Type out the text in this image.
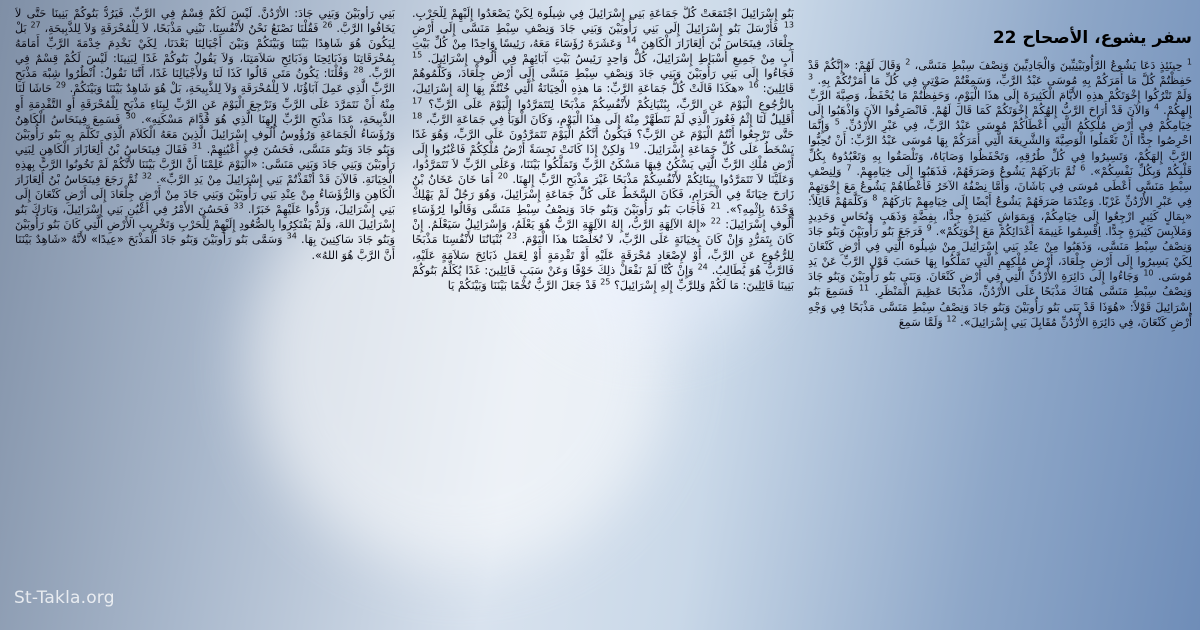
سفر يشوع، الأصحاح 22
$^1$ حِينَئِذٍ دَعَا يَشُوعُ الرَّأُوبَيْنِيِّينَ وَالْجَادِيِّينَ وَنِصْفَ سِبْطِ مَنَسَّى، $^2$ وَقَالَ لَهُمْ: «إِنَّكُمْ قَدْ حَفِظْتُمْ كُلَّ مَا أَمَرَكُمْ بِهِ مُوسَى عَبْدُ الرَّبِّ، وَسَمِعْتُمْ صَوْتِي فِي كُلِّ مَا أَمَرْتُكُمْ بِهِ. $^3$ وَلَمْ تَتْرُكُوا إِخْوَتَكُمْ هذِهِ الأَيَّامَ الْكَثِيرَةَ إِلَى هذَا الْيَوْمِ، وَحَفِظْتُمْ مَا يُحْفَظُ، وَصِيَّةَ الرَّبِّ إِلهِكُمْ. $^4$ وَالآنَ قَدْ أَرَاحَ الرَّبُّ إِلهُكُمْ إِخْوَتَكُمْ كَمَا قَالَ لَهُمْ. فَانْصَرِفُوا الآنَ وَاذْهَبُوا إِلَى خِيَامِكُمْ فِي أَرْضِ مُلْكِكُمُ الَّتِي أَعْطَاكُمْ مُوسَى عَبْدُ الرَّبِّ، فِي عَبْرِ الأُرْدُنِّ. $^5$ وَإِنَّمَا احْرِصُوا جِدًّا أَنْ تَعْمَلُوا الْوَصِيَّةَ وَالشَّرِيعَةَ الَّتِي أَمَرَكُمْ بِهَا مُوسَى عَبْدُ الرَّبِّ: أَنْ تُحِبُّوا الرَّبَّ إِلهَكُمْ، وَتَسِيرُوا فِي كُلِّ طُرُقِهِ، وَتَحْفَظُوا وَصَايَاهُ، وَتَلْصَقُوا بِهِ وَتَعْبُدُوهُ بِكُلِّ قَلْبِكُمْ وَبِكُلِّ نَفْسِكُمْ». $^6$ ثُمَّ بَارَكَهُمْ يَشُوعُ وَصَرَفَهُمْ، فَذَهَبُوا إِلَى خِيَامِهِمْ. $^7$ وَلِنِصْفِ سِبْطِ مَنَسَّى أَعْطَى مُوسَى فِي بَاشَانَ، وَأَمَّا نِصْفُهُ الآخَرُ فَأَعْطَاهُمْ يَشُوعُ مَعَ إِخْوَتِهِمْ فِي عَبْرِ الأُرْدُنِّ غَرْبًا. وَعِنْدَمَا صَرَفَهُمْ يَشُوعُ أَيْضًا إِلَى خِيَامِهِمْ بَارَكَهُمْ $^8$ وَكَلَّمَهُمْ قَائِلاً: «بِمَالٍ كَثِيرٍ ارْجِعُوا إِلَى خِيَامِكُمْ، وَبِمَوَاشٍ كَثِيرَةٍ جِدًّا، بِفِضَّةٍ وَذَهَبٍ وَنُحَاسٍ وَحَدِيدٍ وَمَلاَبِسَ كَثِيرَةٍ جِدًّا. اِقْسِمُوا غَنِيمَةَ أَعْدَائِكُمْ مَعَ إِخْوَتِكُمْ». $^9$ فَرَجَعَ بَنُو رَأُوبَيْنَ وَبَنُو جَادَ وَنِصْفُ سِبْطِ مَنَسَّى، وَذَهَبُوا مِنْ عِنْدِ بَنِي إِسْرَائِيلَ مِنْ شِيلُوهَ الَّتِي فِي أَرْضِ كَنْعَانَ لِكَيْ يَسِيرُوا إِلَى أَرْضِ جِلْعَادَ، أَرْضِ مُلْكِهِمِ الَّتِي تَمَلَّكُوا بِهَا حَسَبَ قَوْلِ الرَّبِّ عَنْ يَدِ مُوسَى. $^{10}$ وَجَاءُوا إِلَى دَائِرَةِ الأُرْدُنِّ الَّتِي فِي أَرْضِ كَنْعَانَ. وَبَنَى بَنُو رَأُوبَيْنَ وَبَنُو جَادَ وَنِصْفُ سِبْطِ مَنَسَّى هُنَاكَ مَذْبَحًا عَلَى الأُرْدُنِّ، مَذْبَحًا عَظِيمَ الْمَنْظَرِ. $^{11}$ فَسَمِعَ بَنُو إِسْرَائِيلَ قَوْلاً: «هُوَذَا قَدْ بَنَى بَنُو رَأُوبَيْنَ وَبَنُو جَادَ وَنِصْفُ سِبْطِ مَنَسَّى مَذْبَحًا فِي وَجْهِ أَرْضِ كَنْعَانَ، فِي دَائِرَةِ الأُرْدُنِّ مُقَابِلَ بَنِي إِسْرَائِيلَ». $^{12}$ وَلَمَّا سَمِعَ
بَنُو إِسْرَائِيلَ اجْتَمَعَتْ كُلُّ جَمَاعَةِ بَنِي إِسْرَائِيلَ فِي شِيلُوهَ لِكَيْ يَصْعَدُوا إِلَيْهِمْ لِلْحَرْبِ. $^{13}$ فَأَرْسَلَ بَنُو إِسْرَائِيلَ إِلَى بَنِي رَأُوبَيْنَ وَبَنِي جَادَ وَنِصْفِ سِبْطِ مَنَسَّى إِلَى أَرْضِ جِلْعَادَ، فِينَحَاسَ بْنَ أَلِعَازَارَ الْكَاهِنَ $^{14}$ وَعَشَرَةَ رُؤَسَاءَ مَعَهُ، رَئِيسًا وَاحِدًا مِنْ كُلِّ بَيْتِ أَبٍ مِنْ جَمِيعِ أَسْبَاطِ إِسْرَائِيلَ، كُلٌّ وَاحِدٍ رَئِيسُ بَيْتِ آبَائِهِمْ فِي أُلُوفِ إِسْرَائِيلَ. $^{15}$ فَجَاءُوا إِلَى بَنِي رَأُوبَيْنَ وَبَنِي جَادَ وَنِصْفِ سِبْطِ مَنَسَّى إِلَى أَرْضِ جِلْعَادَ، وَكَلَّمُوهُمْ قَائِلِينَ: $^{16}$ «هكَذَا قَالَتْ كُلُّ جَمَاعَةِ الرَّبِّ: مَا هذِهِ الْخِيَانَةُ الَّتِي خُنْتُمْ بِهَا إِلهَ إِسْرَائِيلَ، بِالرُّجُوعِ الْيَوْمَ عَنِ الرَّبِّ، بِبُنْيَانِكُمْ لأَنْفُسِكُمْ مَذْبَحًا لِتَتَمَرَّدُوا الْيَوْمَ عَلَى الرَّبِّ؟ $^{17}$ أَقَلِيلٌ لَنَا إِثْمُ فَغُورَ الَّذِي لَمْ نَتَطَهَّرْ مِنْهُ إِلَى هذَا الْيَوْمِ، وَكَانَ الْوَبَأُ فِي جَمَاعَةِ الرَّبِّ، $^{18}$ حَتَّى تَرْجِعُوا أَنْتُمُ الْيَوْمَ عَنِ الرَّبِّ؟ فَيَكُونُ أَنَّكُمُ الْيَوْمَ تَتَمَرَّدُونَ عَلَى الرَّبِّ، وَهُوَ غَدًا يَسْخَطُ عَلَى كُلِّ جَمَاعَةِ إِسْرَائِيلَ. $^{19}$ وَلكِنْ إِذَا كَانَتْ نَجِسَةً أَرْضُ مُلْكِكُمْ فَاعْبُرُوا إِلَى أَرْضِ مُلْكِ الرَّبِّ الَّتِي يَسْكُنُ فِيهَا مَسْكَنُ الرَّبِّ وَتَمَلَّكُوا بَيْنَنَا، وَعَلَى الرَّبِّ لاَ تَتَمَرَّدُوا، وَعَلَيْنَا لاَ تَتَمَرَّدُوا بِبِنَائِكُمْ لأَنْفُسِكُمْ مَذْبَحًا غَيْرَ مَذْبَحِ الرَّبِّ إِلهِنَا. $^{20}$ أَمَا خَانَ عَخَانُ بْنُ زَارَحَ خِيَانَةً فِي الْحَرَامِ، فَكَانَ السَّخَطُ عَلَى كُلِّ جَمَاعَةِ إِسْرَائِيلَ، وَهُوَ رَجُلٌ لَمْ يَهْلِكْ وَحْدَهُ بِإِثْمِهِ؟». $^{21}$ فَأَجَابَ بَنُو رَأُوبَيْنَ وَبَنُو جَادَ وَنِصْفُ سِبْطِ مَنَسَّى وَقَالُوا لِرُؤَسَاءِ أُلُوفِ إِسْرَائِيلَ: $^{22}$ «إِلهُ الآلِهَةِ الرَّبُّ، إِلهُ الآلِهَةِ الرَّبُّ هُوَ يَعْلَمُ، وَإِسْرَائِيلُ سَيَعْلَمُ. إِنْ كَانَ بِتَمَرُّدٍ وَإِنْ كَانَ بِخِيَانَةٍ عَلَى الرَّبِّ، لاَ تُخَلِّصْنَا هذَا الْيَوْمَ. $^{23}$ بُنْيَانُنَا لأَنْفُسِنَا مَذْبَحًا لِلرُّجُوعِ عَنِ الرَّبِّ، أَوْ لإِصْعَادِ مُحْرَقَةٍ عَلَيْهِ أَوْ تَقْدِمَةٍ أَوْ لِعَمَلِ ذَبَائِحَ سَلاَمَةٍ عَلَيْهِ، فَالرَّبُّ هُوَ يُطَالِبُ. $^{24}$ وَإِنْ كُنَّا لَمْ نَفْعَلْ ذلِكَ خَوْفًا وَعَنْ سَبَبٍ قَائِلِينَ: غَدًا يُكَلِّمُ بَنُوكُمْ بَنِينَا قَائِلِينَ: مَا لَكُمْ وَلِلرَّبِّ إِلهِ إِسْرَائِيلَ؟ $^{25}$ قَدْ جَعَلَ الرَّبُّ تُخْمًا بَيْنَنَا وَبَيْنَكُمْ يَا
بَنِي رَأُوبَيْنَ وَبَنِي جَادَ: الأُرْدُنَّ. لَيْسَ لَكُمْ قِسْمٌ فِي الرَّبِّ. فَيَرُدُّ بَنُوكُمْ بَنِينَا حَتَّى لاَ يَخَافُوا الرَّبَّ. $^{26}$ فَقُلْنَا نَصْنَعُ نَحْنُ لأَنْفُسِنَا. نَبْنِي مَذْبَحًا، لاَ لِلْمُحْرَقَةِ وَلاَ لِلذَّبِيحَةِ، $^{27}$ بَلْ لِيَكُونَ هُوَ شَاهِدًا بَيْنَنَا وَبَيْنَكُمْ وَبَيْنَ أَجْيَالِنَا بَعْدَنَا، لِكَيْ نَخْدِمَ خِدْمَةَ الرَّبِّ أَمَامَهُ بِمُحْرَقَاتِنَا وَذَبَائِحِنَا وَذَبَائِحِ سَلاَمَتِنَا، وَلاَ يَقُولُ بَنُوكُمْ غَدًا لِبَنِينَا: لَيْسَ لَكُمْ قِسْمٌ فِي الرَّبِّ. $^{28}$ وَقُلْنَا: يَكُونُ مَتَى قَالُوا كَذَا لَنَا وَلأَجْيَالِنَا غَدًا، أَنَّنَا نَقُولُ: اُنْظُرُوا شِبْهَ مَذْبَحِ الرَّبِّ الَّذِي عَمِلَ آبَاؤُنَا، لاَ لِلْمُحْرَقَةِ وَلاَ لِلذَّبِيحَةِ، بَلْ هُوَ شَاهِدٌ بَيْنَنَا وَبَيْنَكُمْ. $^{29}$ حَاشَا لَنَا مِنْهُ أَنْ نَتَمَرَّدَ عَلَى الرَّبِّ وَنَرْجِعَ الْيَوْمَ عَنِ الرَّبِّ لِبِنَاءِ مَذْبَحٍ لِلْمُحْرَقَةِ أَوِ التَّقْدِمَةِ أَوِ الذَّبِيحَةِ، عَدَا مَذْبَحِ الرَّبِّ إِلهِنَا الَّذِي هُوَ قُدَّامَ مَسْكَنِهِ». $^{30}$ فَسَمِعَ فِينَحَاسُ الْكَاهِنُ وَرُؤَسَاءُ الْجَمَاعَةِ وَرُؤُوسُ أُلُوفِ إِسْرَائِيلَ الَّذِينَ مَعَهُ الْكَلاَمَ الَّذِي تَكَلَّمَ بِهِ بَنُو رَأُوبَيْنَ وَبَنُو جَادَ وَبَنُو مَنَسَّى، فَحَسُنَ فِي أَعْيُنِهِمْ. $^{31}$ فَقَالَ فِينَحَاسُ بْنُ أَلِعَازَارَ الْكَاهِنِ لِبَنِي رَأُوبَيْنَ وَبَنِي جَادَ وَبَنِي مَنَسَّى: «الْيَوْمَ عَلِمْنَا أَنَّ الرَّبَّ بَيْنَنَا لأَنَّكُمْ لَمْ تَخُونُوا الرَّبَّ بِهذِهِ الْخِيَانَةِ. فَالآنَ قَدْ أَنْقَذْتُمْ بَنِي إِسْرَائِيلَ مِنْ يَدِ الرَّبِّ». $^{32}$ ثُمَّ رَجَعَ فِينَحَاسُ بْنُ أَلِعَازَارَ الْكَاهِنِ وَالرُّؤَسَاءُ مِنْ عِنْدِ بَنِي رَأُوبَيْنَ وَبَنِي جَادَ مِنْ أَرْضِ جِلْعَادَ إِلَى أَرْضِ كَنْعَانَ إِلَى بَنِي إِسْرَائِيلَ، وَرَدُّوا عَلَيْهِمْ خَبَرًا. $^{33}$ فَحَسُنَ الأَمْرُ فِي أَعْيُنِ بَنِي إِسْرَائِيلَ، وَبَارَكَ بَنُو إِسْرَائِيلَ اللهَ، وَلَمْ يَفْتَكِرُوا بِالصُّعُودِ إِلَيْهِمْ لِلْحَرْبِ وَتَخْرِيبِ الأَرْضِ الَّتِي كَانَ بَنُو رَأُوبَيْنَ وَبَنُو جَادَ سَاكِنِينَ بِهَا. $^{34}$ وَسَمَّى بَنُو رَأُوبَيْنَ وَبَنُو جَادَ الْمَذْبَحَ «عِيدًا» لأَنَّهُ «شَاهِدٌ بَيْنَنَا أَنَّ الرَّبَّ هُوَ اللهُ».
St-Takla.org
